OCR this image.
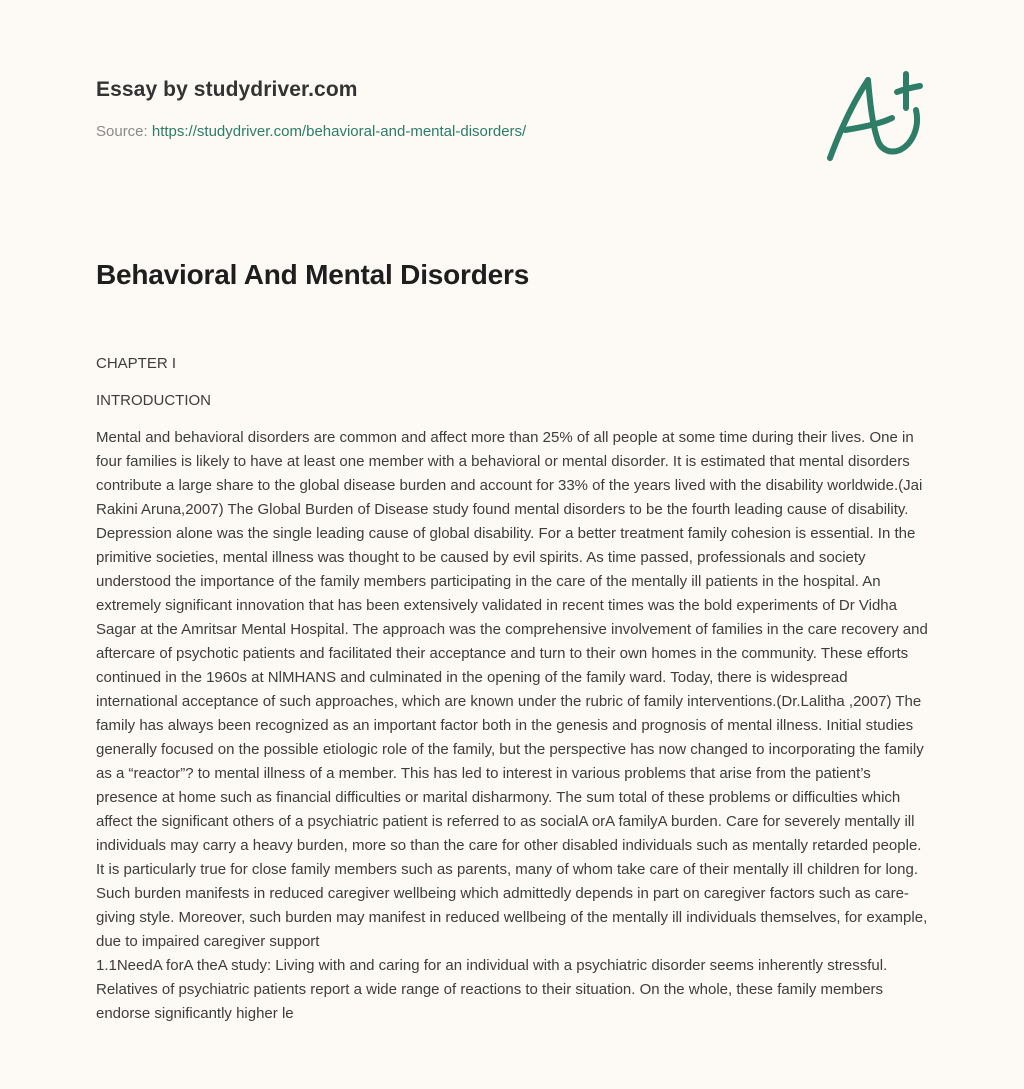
Essay by studydriver.com
Source: https://studydriver.com/behavioral-and-mental-disorders/
Behavioral And Mental Disorders

CHAPTER I

INTRODUCTION

Mental and behavioral disorders are common and affect more than 25% of all people at some time during their lives. One in four families is likely to have at least one member with a behavioral or mental disorder. It is estimated that mental disorders contribute a large share to the global disease burden and account for 33% of the years lived with the disability worldwide.(Jai Rakini Aruna,2007) The Global Burden of Disease study found mental disorders to be the fourth leading cause of disability. Depression alone was the single leading cause of global disability. For a better treatment family cohesion is essential. In the primitive societies, mental illness was thought to be caused by evil spirits. As time passed, professionals and society understood the importance of the family members participating in the care of the mentally ill patients in the hospital. An extremely significant innovation that has been extensively validated in recent times was the bold experiments of Dr Vidha Sagar at the Amritsar Mental Hospital. The approach was the comprehensive involvement of families in the care recovery and aftercare of psychotic patients and facilitated their acceptance and turn to their own homes in the community. These efforts continued in the 1960s at NlMHANS and culminated in the opening of the family ward. Today, there is widespread international acceptance of such approaches, which are known under the rubric of family interventions.(Dr.Lalitha ,2007) The family has always been recognized as an important factor both in the genesis and prognosis of mental illness. Initial studies generally focused on the possible etiologic role of the family, but the perspective has now changed to incorporating the family as a “reactor”? to mental illness of a member. This has led to interest in various problems that arise from the patient’s presence at home such as financial difficulties or marital disharmony. The sum total of these problems or difficulties which affect the significant others of a psychiatric patient is referred to as socialA orA familyA burden. Care for severely mentally ill individuals may carry a heavy burden, more so than the care for other disabled individuals such as mentally retarded people. It is particularly true for close family members such as parents, many of whom take care of their mentally ill children for long. Such burden manifests in reduced caregiver wellbeing which admittedly depends in part on caregiver factors such as care-giving style. Moreover, such burden may manifest in reduced wellbeing of the mentally ill individuals themselves, for example, due to impaired caregiver support

1.1NeedA forA theA study: Living with and caring for an individual with a psychiatric disorder seems inherently stressful. Relatives of psychiatric patients report a wide range of reactions to their situation. On the whole, these family members endorse significantly higher le
